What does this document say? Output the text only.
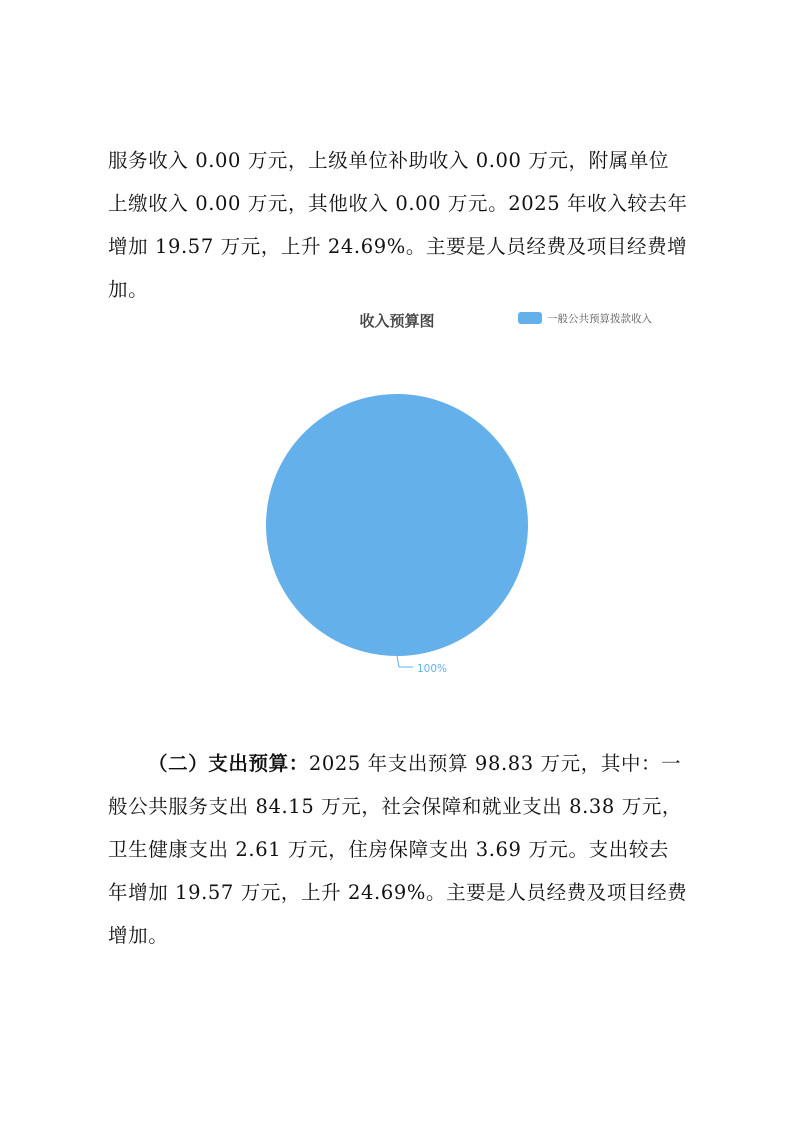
服务收入 0.00 万元，上级单位补助收入 0.00 万元，附属单位
上缴收入 0.00 万元，其他收入 0.00 万元。2025 年收入较去年
增加 19.57 万元，上升 24.69%。主要是人员经费及项目经费增
加。
收入预算图	一般公共预算拨款收入
100%
（二）支出预算：2025 年支出预算 98.83 万元，其中：一
般公共服务支出 84.15 万元，社会保障和就业支出 8.38 万元，
卫生健康支出 2.61 万元，住房保障支出 3.69 万元。支出较去
年增加 19.57 万元，上升 24.69%。主要是人员经费及项目经费
增加。
